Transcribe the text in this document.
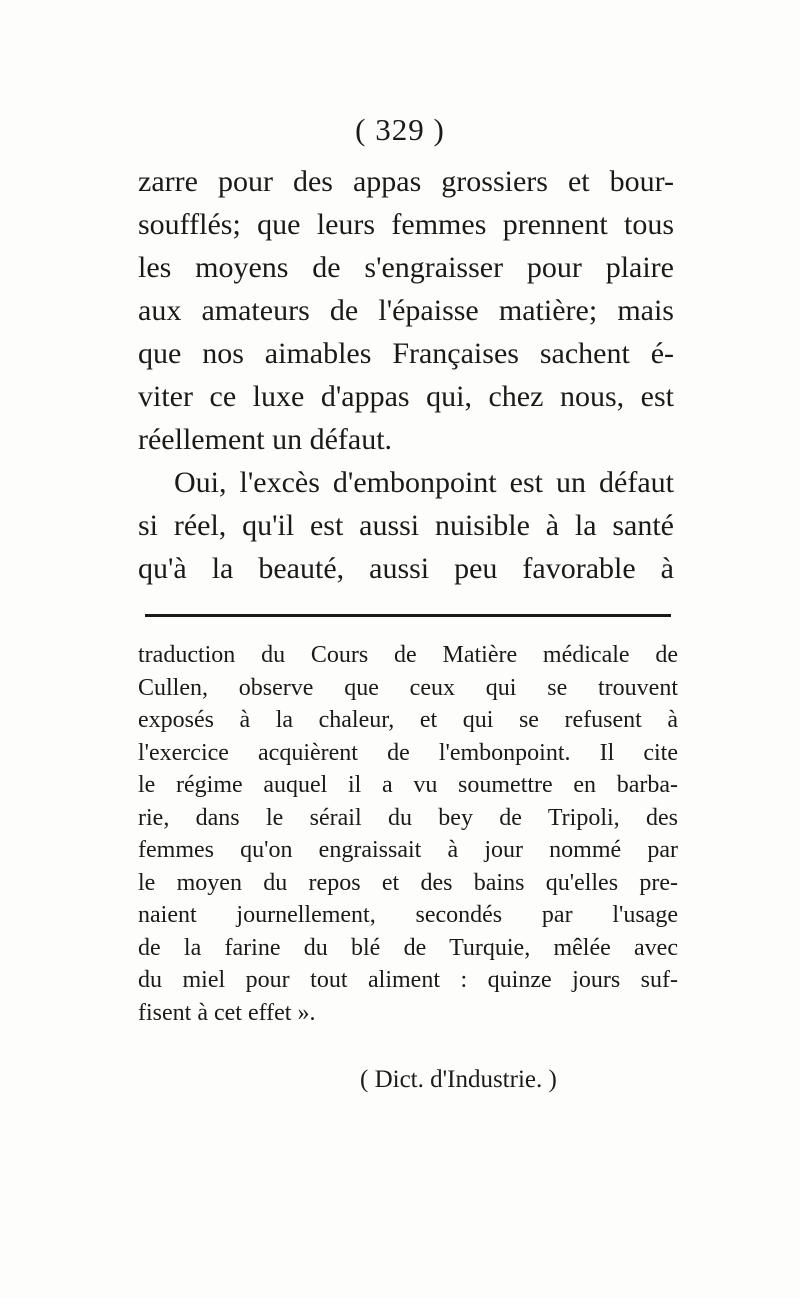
( 329 )
zarre pour des appas grossiers et bour-
soufflés; que leurs femmes prennent tous
les moyens de s'engraisser pour plaire
aux amateurs de l'épaisse matière; mais
que nos aimables Françaises sachent é-
viter ce luxe d'appas qui, chez nous, est
réellement un défaut.
Oui, l'excès d'embonpoint est un défaut
si réel, qu'il est aussi nuisible à la santé
qu'à la beauté, aussi peu favorable à
traduction du Cours de Matière médicale de
Cullen, observe que ceux qui se trouvent
exposés à la chaleur, et qui se refusent à
l'exercice acquièrent de l'embonpoint. Il cite
le régime auquel il a vu soumettre en barba-
rie, dans le sérail du bey de Tripoli, des
femmes qu'on engraissait à jour nommé par
le moyen du repos et des bains qu'elles pre-
naient journellement, secondés par l'usage
de la farine du blé de Turquie, mêlée avec
du miel pour tout aliment : quinze jours suf-
fisent à cet effet ».
( Dict. d'Industrie. )
